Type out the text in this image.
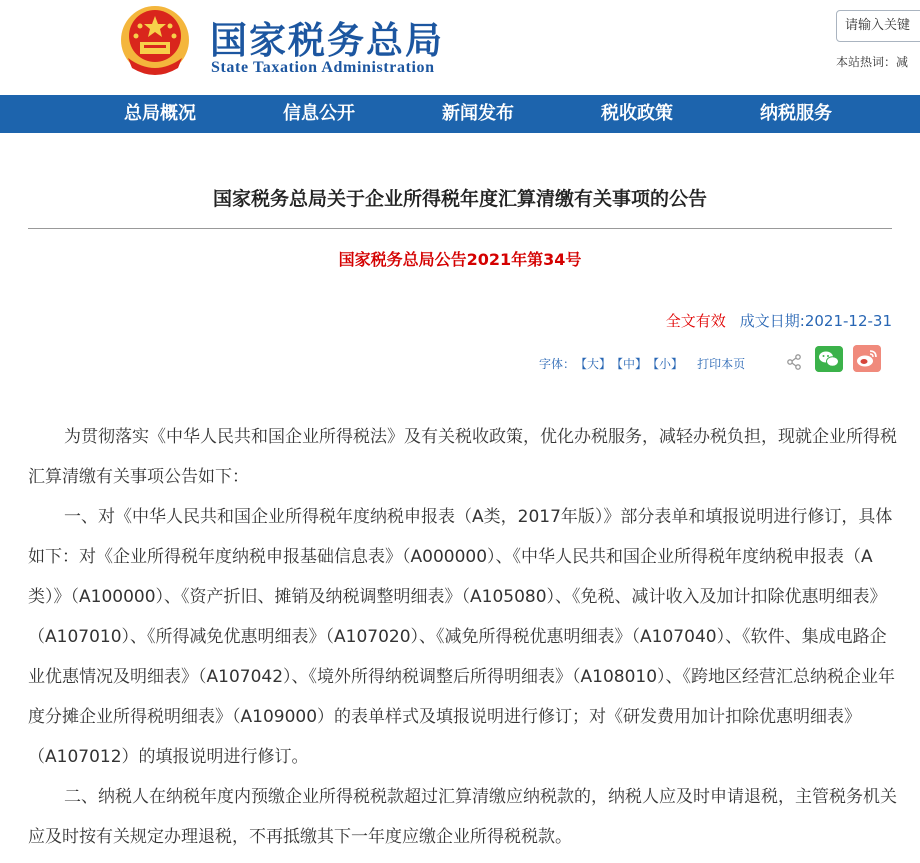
国家税务总局
State Taxation Administration
请输入关键
本站热词：减
总局概况	信息公开	新闻发布	税收政策	纳税服务
国家税务总局关于企业所得税年度汇算清缴有关事项的公告
国家税务总局公告2021年第34号
全文有效 成文日期:2021-12-31
字体： 【大】 【中】 【小】 打印本页

为贯彻落实《中华人民共和国企业所得税法》及有关税收政策，优化办税服务，减轻办税负担，现就企业所得税汇算清缴有关事项公告如下：

一、对《中华人民共和国企业所得税年度纳税申报表（A类，2017年版）》部分表单和填报说明进行修订，具体如下：对《企业所得税年度纳税申报基础信息表》（A000000）、《中华人民共和国企业所得税年度纳税申报表（A类）》（A100000）、《资产折旧、摊销及纳税调整明细表》（A105080）、《免税、减计收入及加计扣除优惠明细表》（A107010）、《所得减免优惠明细表》（A107020）、《减免所得税优惠明细表》（A107040）、《软件、集成电路企业优惠情况及明细表》（A107042）、《境外所得纳税调整后所得明细表》（A108010）、《跨地区经营汇总纳税企业年度分摊企业所得税明细表》（A109000）的表单样式及填报说明进行修订；对《研发费用加计扣除优惠明细表》（A107012）的填报说明进行修订。

二、纳税人在纳税年度内预缴企业所得税税款超过汇算清缴应纳税款的，纳税人应及时申请退税，主管税务机关应及时按有关规定办理退税，不再抵缴其下一年度应缴企业所得税税款。
